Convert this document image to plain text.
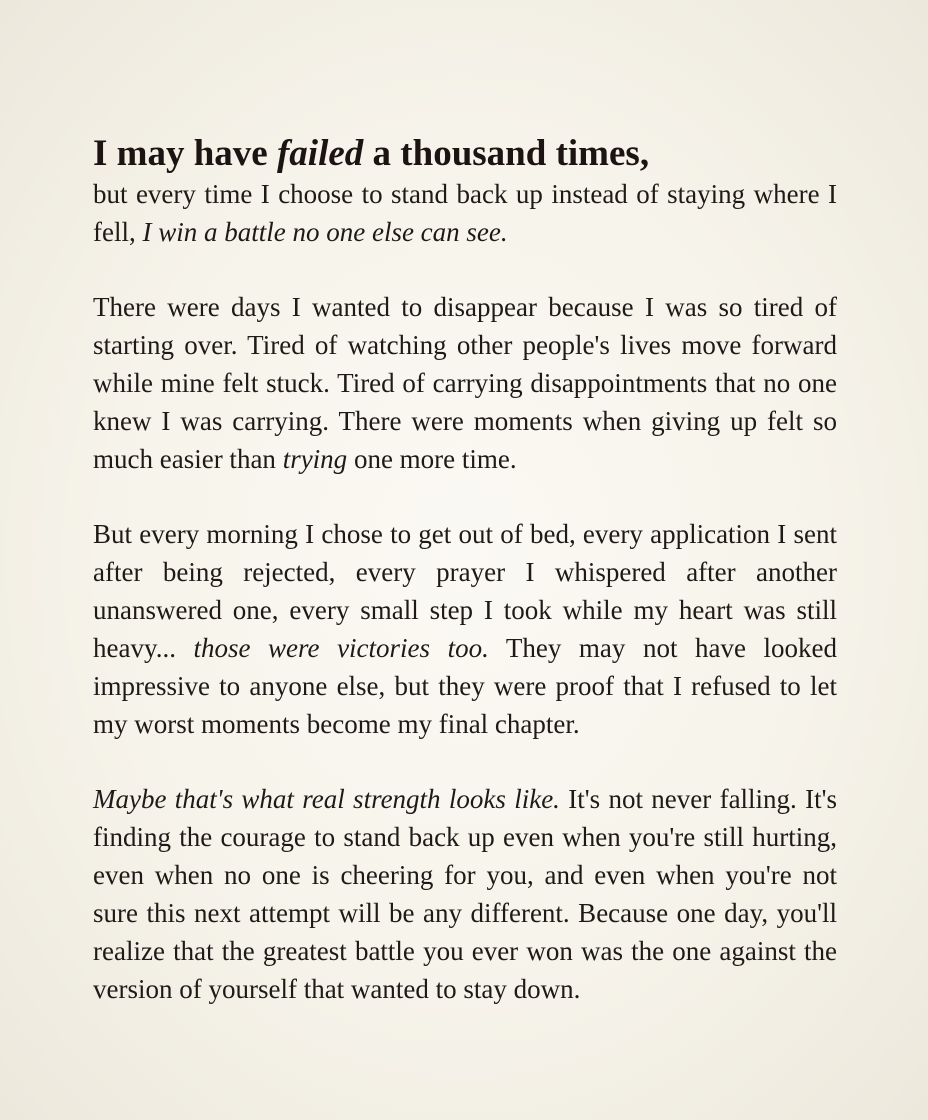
I may have failed a thousand times,

but every time I choose to stand back up instead of staying where I fell, I win a battle no one else can see.

There were days I wanted to disappear because I was so tired of starting over. Tired of watching other people's lives move forward while mine felt stuck. Tired of carrying disappointments that no one knew I was carrying. There were moments when giving up felt so much easier than trying one more time.

But every morning I chose to get out of bed, every application I sent after being rejected, every prayer I whispered after another unanswered one, every small step I took while my heart was still heavy... those were victories too. They may not have looked impressive to anyone else, but they were proof that I refused to let my worst moments become my final chapter.

Maybe that's what real strength looks like. It's not never falling. It's finding the courage to stand back up even when you're still hurting, even when no one is cheering for you, and even when you're not sure this next attempt will be any different. Because one day, you'll realize that the greatest battle you ever won was the one against the version of yourself that wanted to stay down.
